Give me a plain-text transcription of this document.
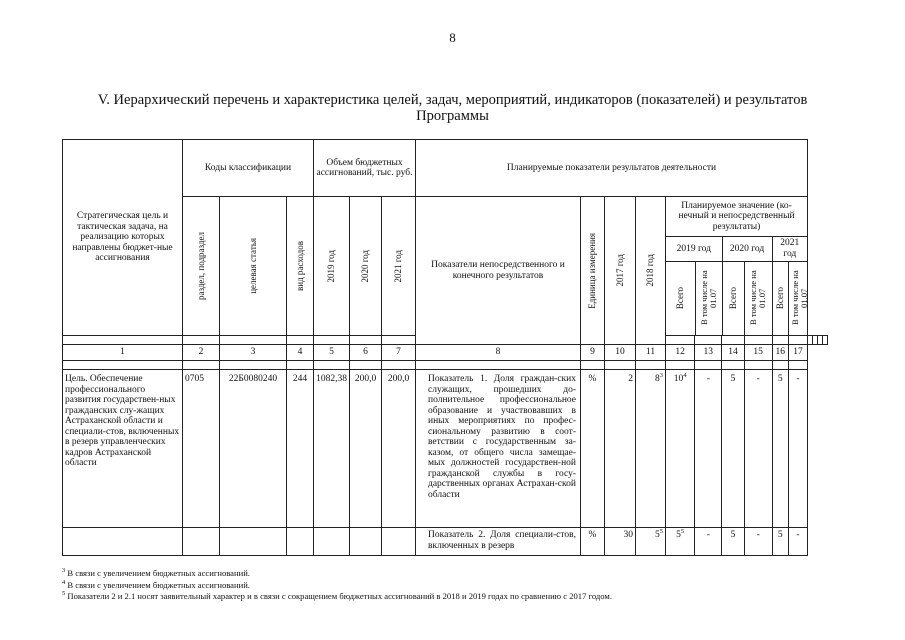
8
V. Иерархический перечень и характеристика целей, задач, мероприятий, индикаторов (показателей) и результатов
Программы
Стратегическая цель и тактическая задача, на реализацию которых направлены бюджет-ные ассигнования	Коды классификации	Объем бюджетных ассигнований, тыс. руб.	Планируемые показатели результатов деятельности

раздел, подраздел	целевая статья	вид расходов	2019 год	2020 год	2021 год	Показатели непосредственного и конечного результатов	Единица измерения	2017 год	2018 год
	Планируемое значение (ко-нечный и непосредственный результаты)

2019 год	2020 год	2021 год

Всего	В том числе на 01.07	Всего	В том числе на 01.07	Всего	В том числе на 01.07

1	2	3	4	5	6	7	8	9	10	11	12	13	14	15	16	17

Цель. Обеспечение профессионального развития государствен-ных гражданских слу-жащих Астраханской области и специали-стов, включенных в резерв управленческих кадров Астраханской области	0705	22Б0080240	244	1082,38	200,0	200,0	Показатель 1. Доля граждан-ских служащих, прошедших до-полнительное профессиональное образование и участвовавших в иных мероприятиях по профес-сиональному развитию в соот-ветствии с государственным за-казом, от общего числа замещае-мых должностей государствен-ной гражданской службы в госу-дарственных органах Астрахан-ской области	%	2	$8^3$	$10^4$	-	5	-	5	-
							Показатель 2. Доля специали-стов, включенных в резерв	%	30	$5^5$	$5^5$	-	5	-	5	-
$^3$ В связи с увеличением бюджетных ассигнований.
$^4$ В связи с увеличением бюджетных ассигнований.
$^5$ Показатели 2 и 2.1 носят заявительный характер и в связи с сокращением бюджетных ассигнований в 2018 и 2019 годах по сравнению с 2017 годом.
